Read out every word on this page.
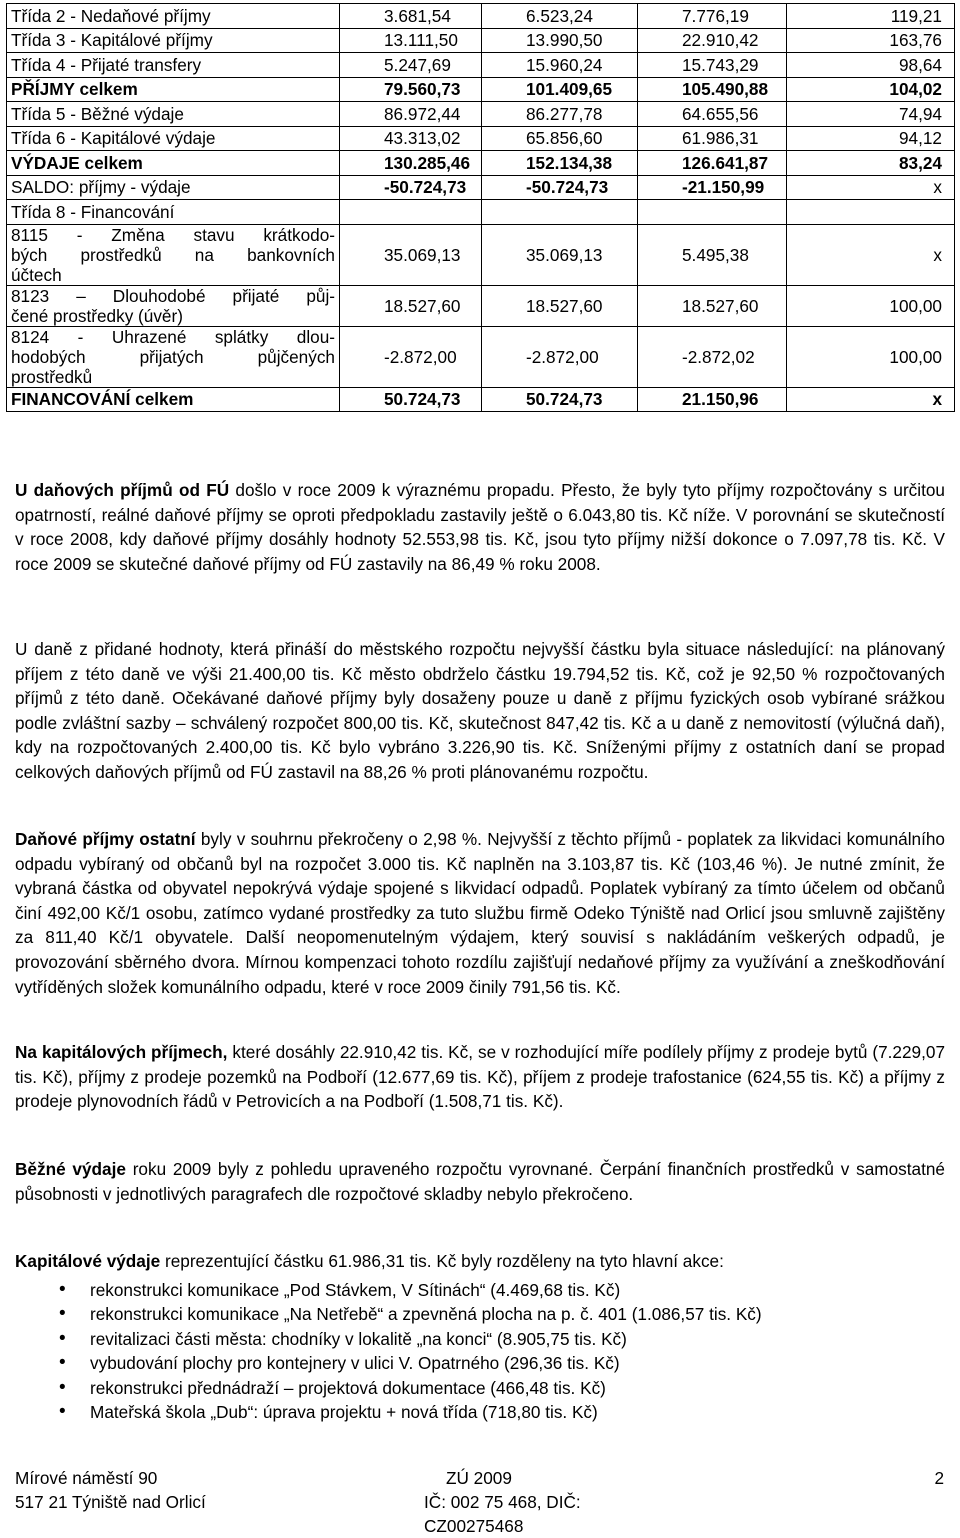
Třída 2 - Nedaňové příjmy	3.681,54	6.523,24	7.776,19	119,21
Třída 3 - Kapitálové příjmy	13.111,50	13.990,50	22.910,42	163,76
Třída 4 - Přijaté transfery	5.247,69	15.960,24	15.743,29	98,64
PŘÍJMY celkem	79.560,73	101.409,65	105.490,88	104,02
Třída 5 - Běžné výdaje	86.972,44	86.277,78	64.655,56	74,94
Třída 6 - Kapitálové výdaje	43.313,02	65.856,60	61.986,31	94,12
VÝDAJE celkem	130.285,46	152.134,38	126.641,87	83,24
SALDO: příjmy - výdaje	-50.724,73	-50.724,73	-21.150,99	x
Třída 8 - Financování				

8115 - Změna stavu krátkodo-
bých prostředků na bankovních
účtech	35.069,13	35.069,13	5.495,38	x

8123 – Dlouhodobé přijaté půj-
čené prostředky (úvěr)	18.527,60	18.527,60	18.527,60	100,00

8124 - Uhrazené splátky dlou-
hodobých přijatých půjčených
prostředků	-2.872,00	-2.872,00	-2.872,02	100,00
FINANCOVÁNÍ celkem	50.724,73	50.724,73	21.150,96	x

U daňových příjmů od FÚ došlo v roce 2009 k výraznému propadu. Přesto, že byly tyto příjmy rozpočtovány s určitou opatrností, reálné daňové příjmy se oproti předpokladu zastavily ještě o 6.043,80 tis. Kč níže. V porovnání se skutečností v roce 2008, kdy daňové příjmy dosáhly hodnoty 52.553,98 tis. Kč, jsou tyto příjmy nižší dokonce o 7.097,78 tis. Kč. V roce 2009 se skutečné daňové příjmy od FÚ zastavily na 86,49 % roku 2008.

U daně z přidané hodnoty, která přináší do městského rozpočtu nejvyšší částku byla situace následující: na plánovaný příjem z této daně ve výši 21.400,00 tis. Kč město obdrželo částku 19.794,52 tis. Kč, což je 92,50 % rozpočtovaných příjmů z této daně. Očekávané daňové příjmy byly dosaženy pouze u daně z příjmu fyzických osob vybírané srážkou podle zvláštní sazby – schválený rozpočet 800,00 tis. Kč, skutečnost 847,42 tis. Kč a u daně z nemovitostí (výlučná daň), kdy na rozpočtovaných 2.400,00 tis. Kč bylo vybráno 3.226,90 tis. Kč. Sníženými příjmy z ostatních daní se propad celkových daňových příjmů od FÚ zastavil na 88,26 % proti plánovanému rozpočtu.

Daňové příjmy ostatní byly v souhrnu překročeny o 2,98 %. Nejvyšší z těchto příjmů - poplatek za likvidaci komunálního odpadu vybíraný od občanů byl na rozpočet 3.000 tis. Kč naplněn na 3.103,87 tis. Kč (103,46 %). Je nutné zmínit, že vybraná částka od obyvatel nepokrývá výdaje spojené s likvidací odpadů. Poplatek vybíraný za tímto účelem od občanů činí 492,00 Kč/1 osobu, zatímco vydané prostředky za tuto službu firmě Odeko Týniště nad Orlicí jsou smluvně zajištěny za 811,40 Kč/1 obyvatele. Další neopomenutelným výdajem, který souvisí s nakládáním veškerých odpadů, je provozování sběrného dvora. Mírnou kompenzaci tohoto rozdílu zajišťují nedaňové příjmy za využívání a zneškodňování vytříděných složek komunálního odpadu, které v roce 2009 činily 791,56 tis. Kč.

Na kapitálových příjmech, které dosáhly 22.910,42 tis. Kč, se v rozhodující míře podílely příjmy z prodeje bytů (7.229,07 tis. Kč), příjmy z prodeje pozemků na Podboří (12.677,69 tis. Kč), příjem z prodeje trafostanice (624,55 tis. Kč) a příjmy z prodeje plynovodních řádů v Petrovicích a na Podboří (1.508,71 tis. Kč).

Běžné výdaje roku 2009 byly z pohledu upraveného rozpočtu vyrovnané. Čerpání finančních prostředků v samostatné působnosti v jednotlivých paragrafech dle rozpočtové skladby nebylo překročeno.

Kapitálové výdaje reprezentující částku 61.986,31 tis. Kč byly rozděleny na tyto hlavní akce:

• rekonstrukci komunikace „Pod Stávkem, V Sítinách“ (4.469,68 tis. Kč)
• rekonstrukci komunikace „Na Netřebě“ a zpevněná plocha na p. č. 401 (1.086,57 tis. Kč)
• revitalizaci části města: chodníky v lokalitě „na konci“ (8.905,75 tis. Kč)
• vybudování plochy pro kontejnery v ulici V. Opatrného (296,36 tis. Kč)
• rekonstrukci přednádraží – projektová dokumentace (466,48 tis. Kč)
• Mateřská škola „Dub“: úprava projektu + nová třída (718,80 tis. Kč)
Mírové náměstí 90
517 21 Týniště nad Orlicí
ZÚ 2009
IČ: 002 75 468, DIČ: CZ00275468
2
